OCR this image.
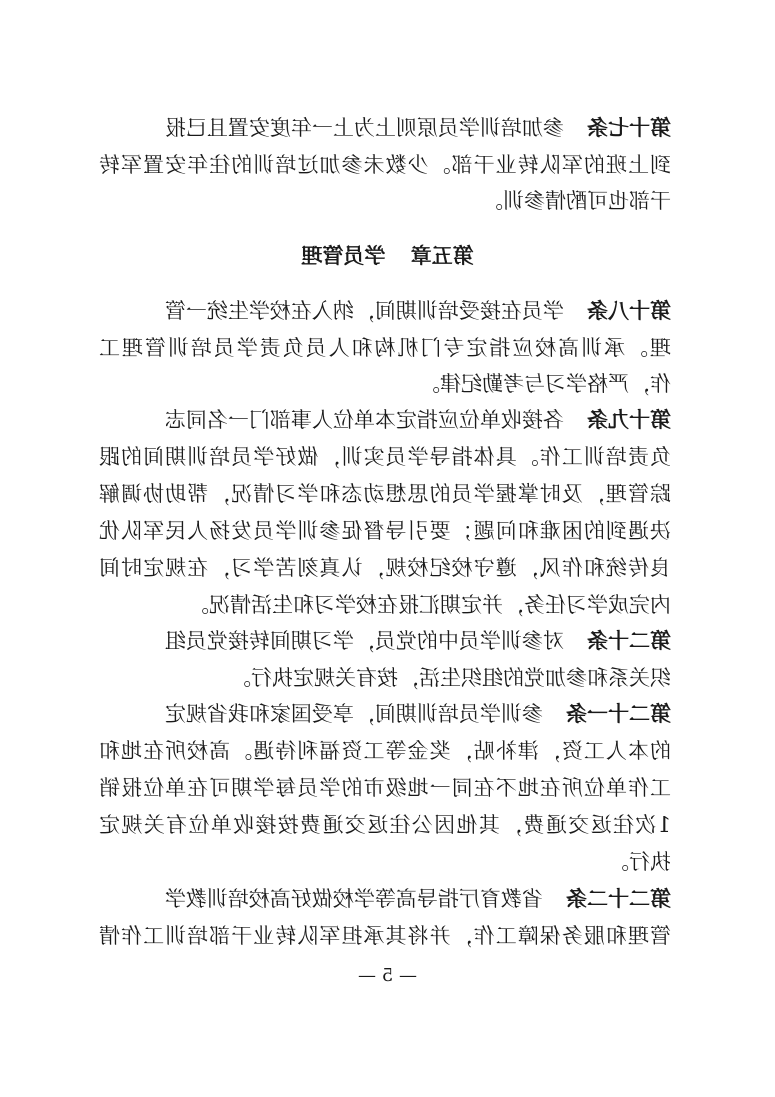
第十七条参加培训学员原则上为上一年度安置且已报
到上班的军队转业干部。少数未参加过培训的往年安置军转
干部也可酌情参训。
第五章学员管理
第十八条学员在接受培训期间，纳入在校学生统一管
理。承训高校应指定专门机构和人员负责学员培训管理工
作，严格学习与考勤纪律。
第十九条各接收单位应指定本单位人事部门一名同志
负责培训工作。具体指导学员实训，做好学员培训期间的跟
踪管理，及时掌握学员的思想动态和学习情况，帮助协调解
决遇到的困难和问题；要引导督促参训学员发扬人民军队优
良传统和作风，遵守校纪校规，认真刻苦学习，在规定时间
内完成学习任务，并定期汇报在校学习和生活情况。
第二十条对参训学员中的党员，学习期间转接党员组
织关系和参加党的组织生活，按有关规定执行。
第二十一条参训学员培训期间，享受国家和我省规定
的本人工资，津补贴，奖金等工资福利待遇。高校所在地和
工作单位所在地不在同一地级市的学员每学期可在单位报销
1次往返交通费，其他因公往返交通费按接收单位有关规定
执行。
第二十二条省教育厅指导高等学校做好高校培训教学
管理和服务保障工作，并将其承担军队转业干部培训工作情
— 5 —
